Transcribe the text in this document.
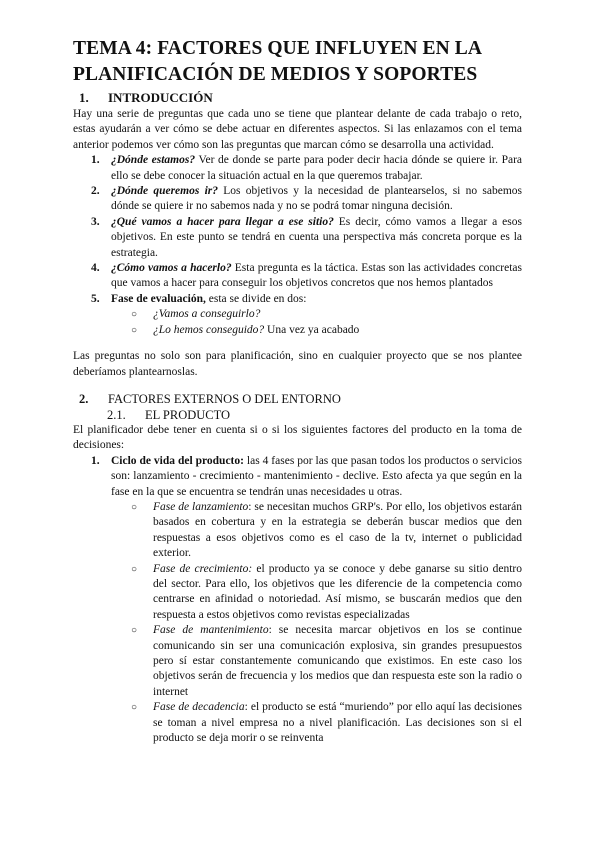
TEMA 4: FACTORES QUE INFLUYEN EN LA PLANIFICACIÓN DE MEDIOS Y SOPORTES
1. INTRODUCCIÓN

Hay una serie de preguntas que cada uno se tiene que plantear delante de cada trabajo o reto, estas ayudarán a ver cómo se debe actuar en diferentes aspectos. Si las enlazamos con el tema anterior podemos ver cómo son las preguntas que marcan cómo se desarrolla una actividad.

1. ¿Dónde estamos? Ver de donde se parte para poder decir hacia dónde se quiere ir. Para ello se debe conocer la situación actual en la que queremos trabajar.
2. ¿Dónde queremos ir? Los objetivos y la necesidad de plantearselos, si no sabemos dónde se quiere ir no sabemos nada y no se podrá tomar ninguna decisión.
3. ¿Qué vamos a hacer para llegar a ese sitio? Es decir, cómo vamos a llegar a esos objetivos. En este punto se tendrá en cuenta una perspectiva más concreta porque es la estrategia.
4. ¿Cómo vamos a hacerlo? Esta pregunta es la táctica. Estas son las actividades concretas que vamos a hacer para conseguir los objetivos concretos que nos hemos plantados
5. Fase de evaluación, esta se divide en dos:
○ ¿Vamos a conseguirlo?
○ ¿Lo hemos conseguido? Una vez ya acabado

Las preguntas no solo son para planificación, sino en cualquier proyecto que se nos plantee deberíamos plantearnoslas.

2. FACTORES EXTERNOS O DEL ENTORNO
2.1. EL PRODUCTO

El planificador debe tener en cuenta si o si los siguientes factores del producto en la toma de decisiones:

1. Ciclo de vida del producto: las 4 fases por las que pasan todos los productos o servicios son: lanzamiento - crecimiento - mantenimiento - declive. Esto afecta ya que según en la fase en la que se encuentra se tendrán unas necesidades u otras.
○ Fase de lanzamiento: se necesitan muchos GRP's. Por ello, los objetivos estarán basados en cobertura y en la estrategia se deberán buscar medios que den respuestas a esos objetivos como es el caso de la tv, internet o publicidad exterior.
○ Fase de crecimiento: el producto ya se conoce y debe ganarse su sitio dentro del sector. Para ello, los objetivos que les diferencie de la competencia como centrarse en afinidad o notoriedad. Así mismo, se buscarán medios que den respuesta a estos objetivos como revistas especializadas
○ Fase de mantenimiento: se necesita marcar objetivos en los se continue comunicando sin ser una comunicación explosiva, sin grandes presupuestos pero sí estar constantemente comunicando que existimos. En este caso los objetivos serán de frecuencia y los medios que dan respuesta este son la radio o internet
○ Fase de decadencia: el producto se está “muriendo” por ello aquí las decisiones se toman a nivel empresa no a nivel planificación. Las decisiones son si el producto se deja morir o se reinventa
